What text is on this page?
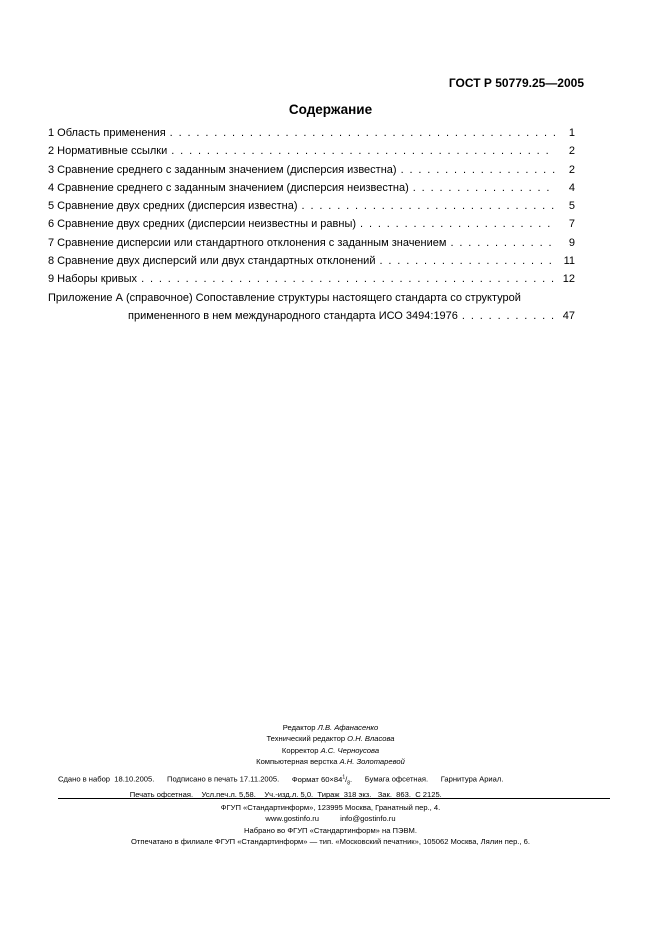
ГОСТ Р 50779.25—2005
Содержание
1 Область применения . . .	1
2 Нормативные ссылки . . .	2
3 Сравнение среднего с заданным значением (дисперсия известна) . . .	2
4 Сравнение среднего с заданным значением (дисперсия неизвестна) . . .	4
5 Сравнение двух средних (дисперсия известна) . . .	5
6 Сравнение двух средних (дисперсии неизвестны и равны) . . .	7
7 Сравнение дисперсии или стандартного отклонения с заданным значением . . .	9
8 Сравнение двух дисперсий или двух стандартных отклонений . . .	11
9 Наборы кривых . . .	12
Приложение А (справочное) Сопоставление структуры настоящего стандарта со структурой
примененного в нем международного стандарта ИСО 3494:1976 . . .	47
Редактор Л.В. Афанасенко
Технический редактор О.Н. Власова
Корректор А.С. Черноусова
Компьютерная верстка А.Н. Золотаревой
Сдано в набор  18.10.2005. Подписано в печать 17.11.2005. Формат $60\times 84^1/_8$. Бумага офсетная. Гарнитура Ариал.
Печать офсетная. Усл.печ.л. 5,58. Уч.-изд.л. 5,0. Тираж  318 экз. Зак.  863. С 2125.
ФГУП «Стандартинформ», 123995 Москва, Гранатный пер., 4.
www.gostinfo.ru	info@gostinfo.ru
Набрано во ФГУП «Стандартинформ» на ПЭВМ.
Отпечатано в филиале ФГУП «Стандартинформ» — тип. «Московский печатник», 105062 Москва, Лялин пер., 6.
